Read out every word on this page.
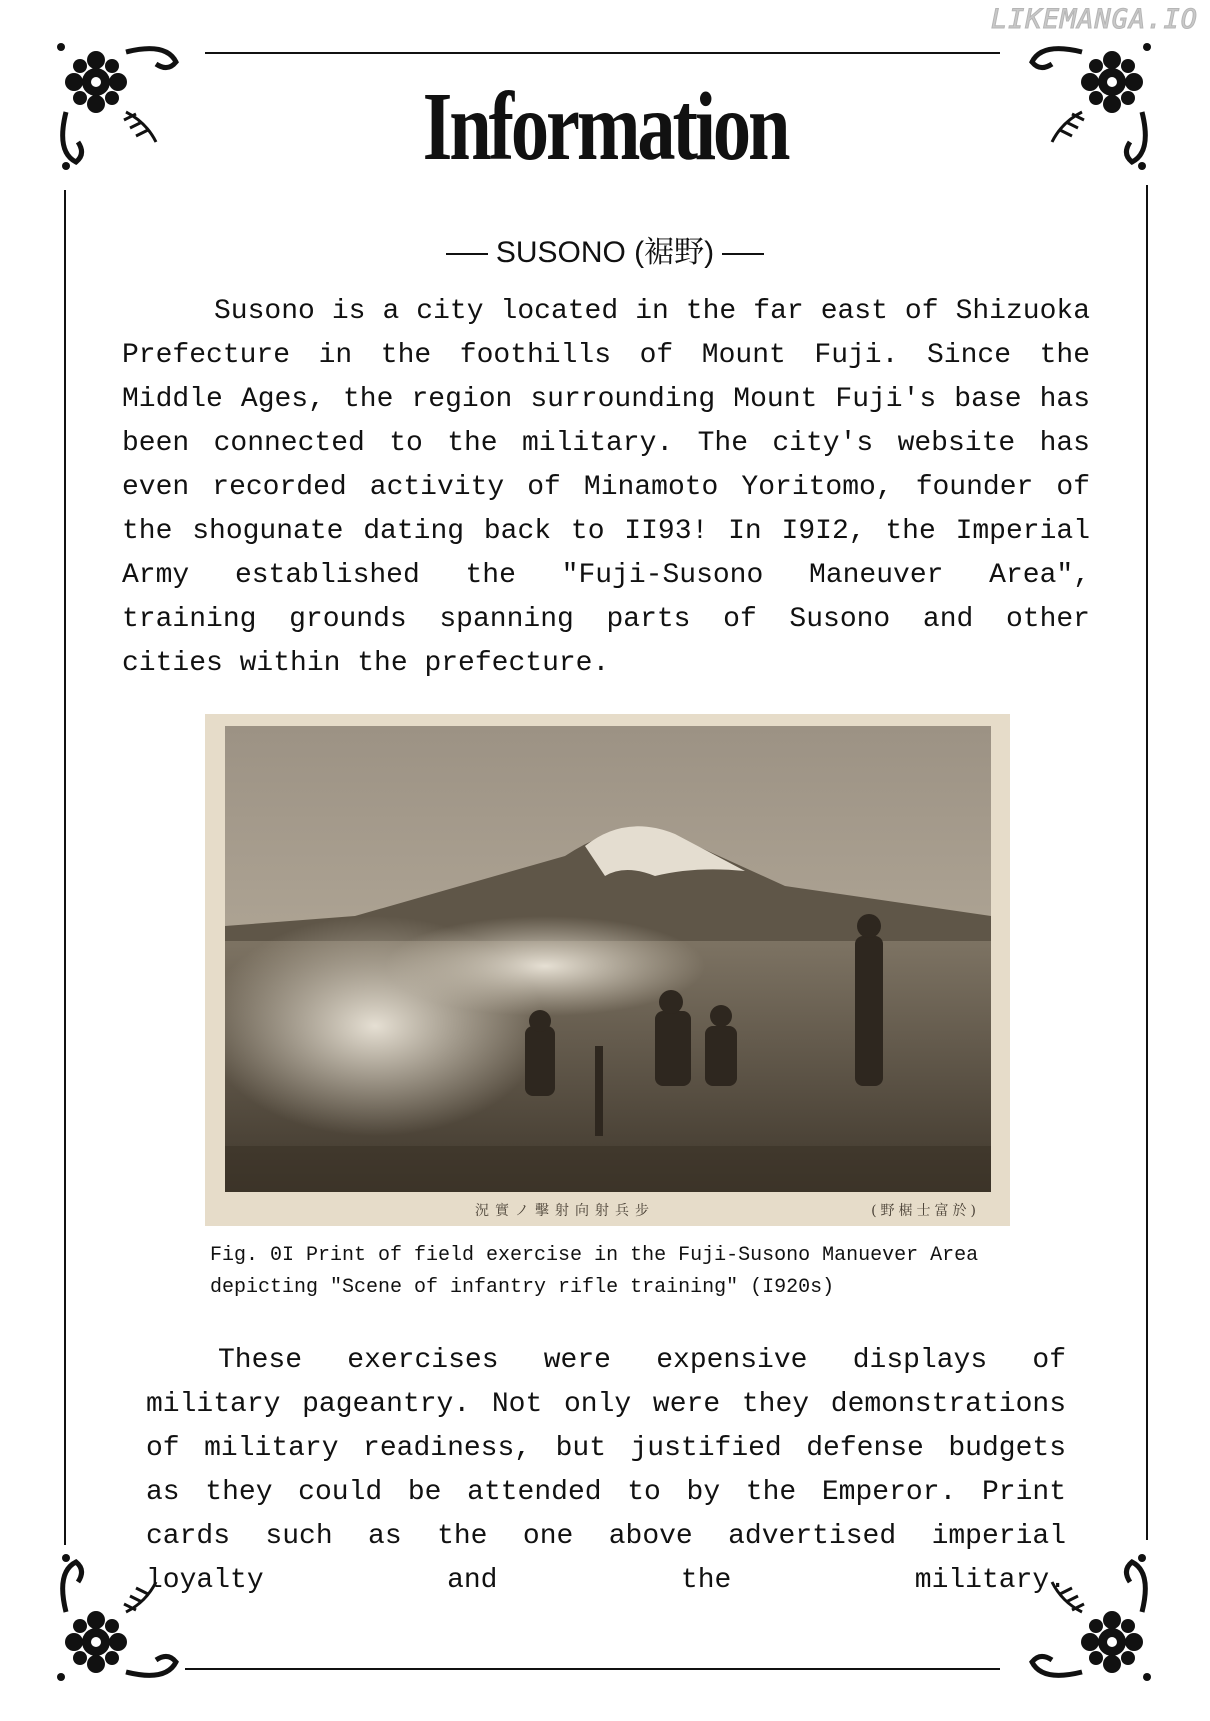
LIKEMANGA.IO
Information
SUSONO (裾野)
Susono is a city located in the far east of Shizuoka Prefecture in the foothills of Mount Fuji. Since the Middle Ages, the region surrounding Mount Fuji's base has been connected to the military. The city's website has even recorded activity of Minamoto Yoritomo, founder of the shogunate dating back to II93! In I9I2, the Imperial Army established the "Fuji-Susono Maneuver Area", training grounds spanning parts of Susono and other cities within the prefecture.
況實ノ擊射向射兵步	(野椐士富於)
Fig. 0I Print of field exercise in the Fuji-Susono Manuever Area depicting "Scene of infantry rifle training" (I920s)
These exercises were expensive displays of military pageantry. Not only were they demonstrations of military readiness, but justified defense budgets as they could be attended to by the Emperor. Print cards such as the one above advertised imperial loyalty and the military.
